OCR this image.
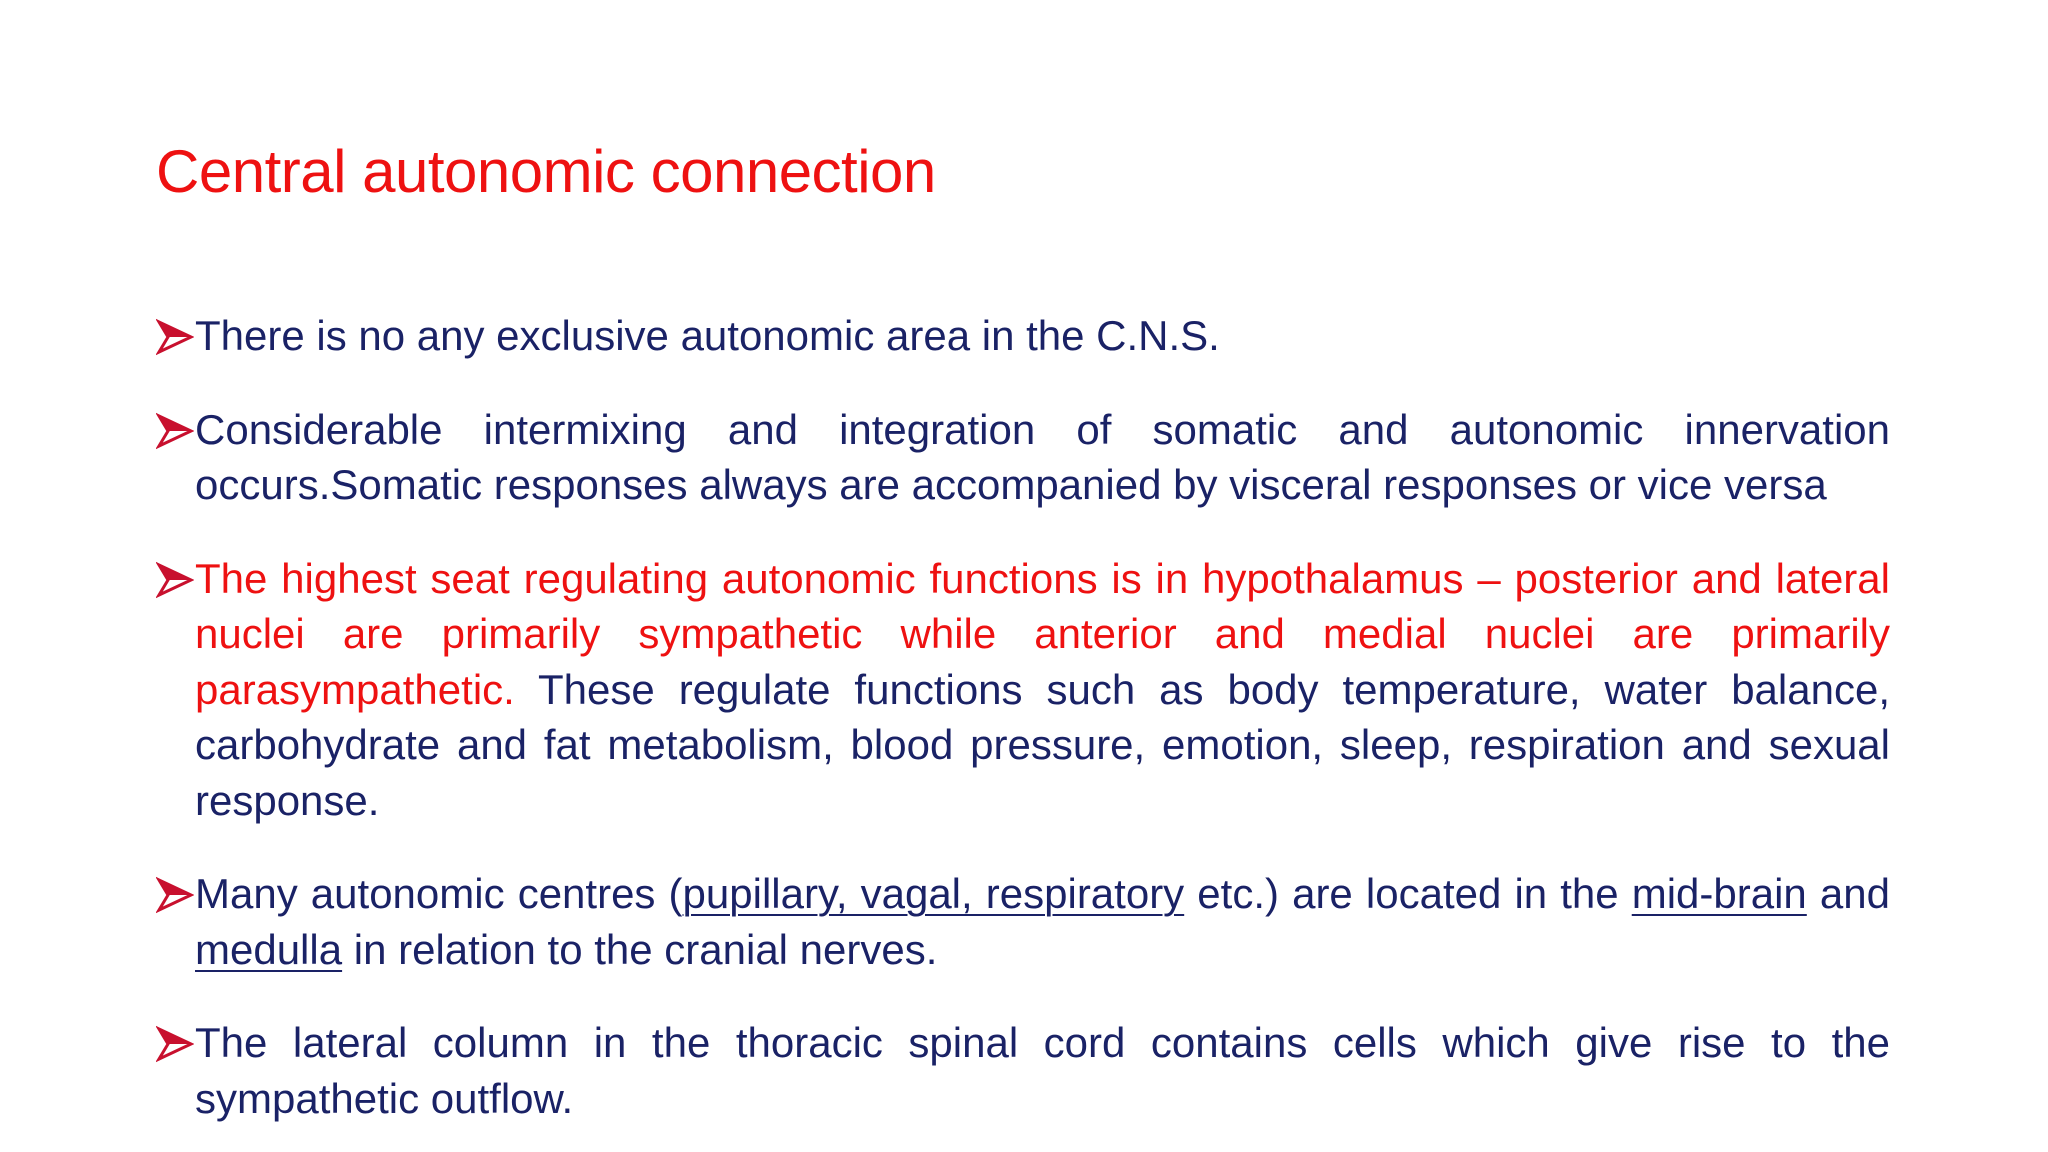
Central autonomic connection
There is no any exclusive autonomic area in the C.N.S.
Considerable intermixing and integration of somatic and autonomic innervation occurs.Somatic responses always are accompanied by visceral responses or vice versa
The highest seat regulating autonomic functions is in hypothalamus – posterior and lateral nuclei are primarily sympathetic while anterior and medial nuclei are primarily parasympathetic. These regulate functions such as body temperature, water balance, carbohydrate and fat metabolism, blood pressure, emotion, sleep, respiration and sexual response.
Many autonomic centres (pupillary, vagal, respiratory etc.) are located in the mid-brain and medulla in relation to the cranial nerves.
The lateral column in the thoracic spinal cord contains cells which give rise to the sympathetic outflow.
